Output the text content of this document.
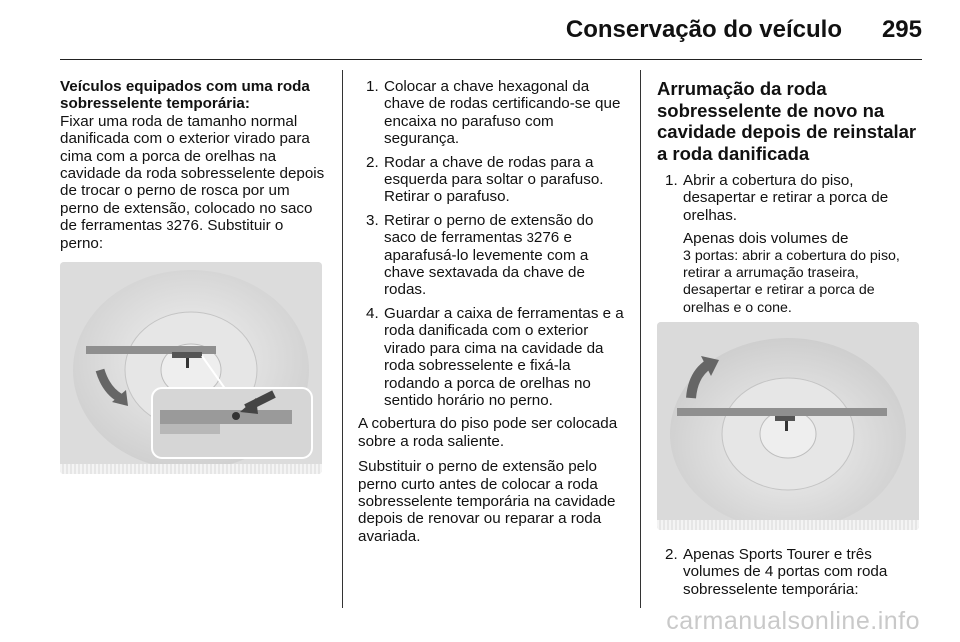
Conservação do veículo 295

Veículos equipados com uma roda sobresselente temporária:

Fixar uma roda de tamanho normal danificada com o exterior virado para cima com a porca de orelhas na cavidade da roda sobresselente depois de trocar o perno de rosca por um perno de extensão, colocado no saco de ferramentas 3276. Substituir o perno:

1. Colocar a chave hexagonal da chave de rodas certificando-se que encaixa no parafuso com segurança.
2. Rodar a chave de rodas para a esquerda para soltar o parafuso. Retirar o parafuso.
3. Retirar o perno de extensão do saco de ferramentas 3276 e aparafusá-lo levemente com a chave sextavada da chave de rodas.
4. Guardar a caixa de ferramentas e a roda danificada com o exterior virado para cima na cavidade da roda sobresselente e fixá-la rodando a porca de orelhas no sentido horário no perno.

A cobertura do piso pode ser colocada sobre a roda saliente.

Substituir o perno de extensão pelo perno curto antes de colocar a roda sobresselente temporária na cavidade depois de renovar ou reparar a roda avariada.

Arrumação da roda sobresselente de novo na cavidade depois de reinstalar a roda danificada
1. Abrir a cobertura do piso, desapertar e retirar a porca de orelhas.

Apenas dois volumes de

3 portas: abrir a cobertura do piso, retirar a arrumação traseira, desapertar e retirar a porca de orelhas e o cone.

2. Apenas Sports Tourer e três volumes de 4 portas com roda sobresselente temporária:
carmanualsonline.info
